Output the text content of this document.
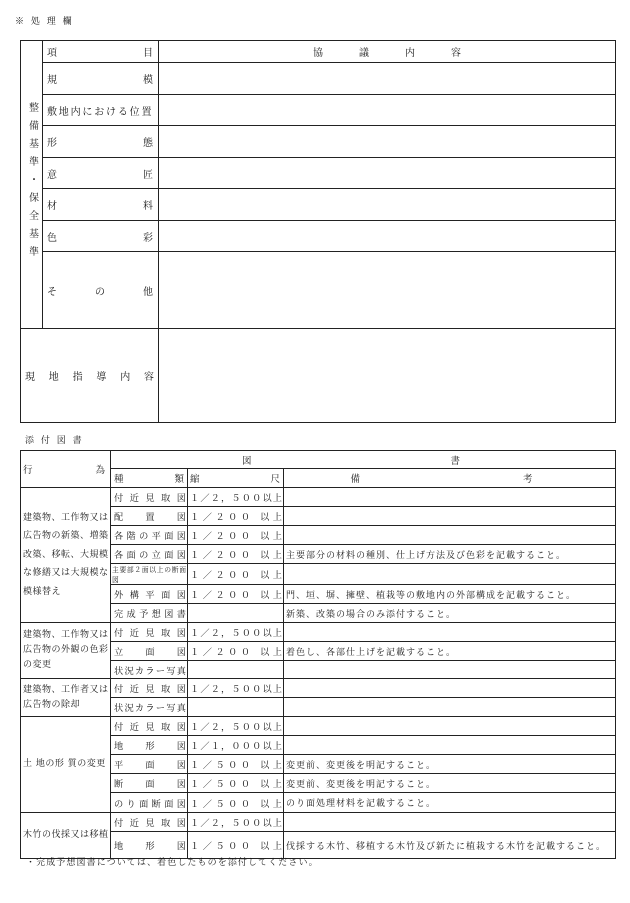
※ 処 理 欄
整備基準・保全基準	項 目	協 議 内 容

	規 模	

	敷地内における位置	

	形 態	

	意 匠	

	材 料	

	色 彩	

	そ の 他	

現 地 指 導 内 容		

添 付 図 書
行 為	図 書		

	種 類	縮 尺	備 考

建築物、工作物又は
広告物の新築、増築
改築、移転、大規模
な修繕又は大規模な
模様替え	付 近 見 取 図	１／２，５００以上	

	配 置 図	１／２００ 以上	

	各 階 の 平 面 図	１／２００ 以上	

	各 面 の 立 面 図	１／２００ 以上	主要部分の材料の種別、仕上げ方法及び色彩を記載すること。

	主要部２面以上の断面図	１／２００ 以上	

	外 構 平 面 図	１／２００ 以上	門、垣、塀、擁壁、植栽等の敷地内の外部構成を記載すること。

	完 成 予 想 図 書		新築、改築の場合のみ添付すること。

建築物、工作物又は
広告物の外観の色彩
の変更	付 近 見 取 図	１／２，５００以上	

	立 面 図	１／２００ 以上	着色し、各部仕上げを記載すること。

	状況カラー写真		

建築物、工作者又は
広告物の除却	付 近 見 取 図	１／２，５００以上	

	状況カラー写真		

土 地の形 質の変更	付 近 見 取 図	１／２，５００以上	

	地 形 図	１／１，０００以上	

	平 面 図	１／５００ 以上	変更前、変更後を明記すること。

	断 面 図	１／５００ 以上	変更前、変更後を明記すること。

	の り 面 断 面 図	１／５００ 以上	のり面処理材料を記載すること。

木竹の伐採又は移植	付 近 見 取 図	１／２，５００以上	

	地 形 図	１／５００ 以上	伐採する木竹、移植する木竹及び新たに植栽する木竹を記載すること。
・完成予想図書については、着色したものを添付してください。
